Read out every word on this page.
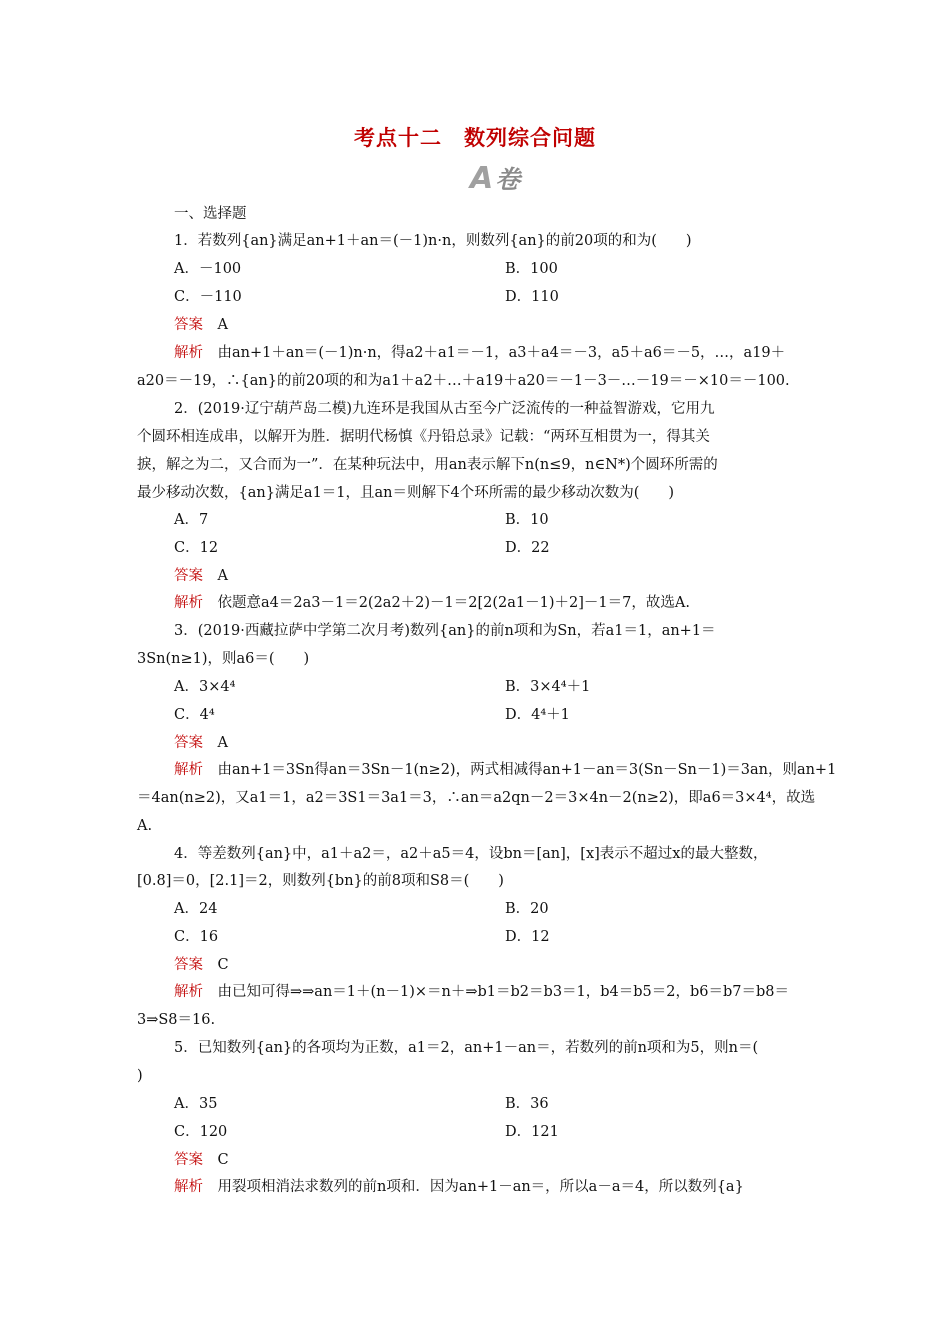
考点十二　数列综合问题
A卷
一、选择题
1．若数列{an}满足an+1＋an＝(－1)n·n，则数列{an}的前20项的和为(　　)
A．－100	B．100
C．－110	D．110
答案　 A
解析　 由an+1＋an＝(－1)n·n，得a2＋a1＝－1，a3＋a4＝－3，a5＋a6＝－5，…，a19＋
a20＝－19，∴{an}的前20项的和为a1＋a2＋…＋a19＋a20＝－1－3－…－19＝－×10＝－100.
2．(2019·辽宁葫芦岛二模)九连环是我国从古至今广泛流传的一种益智游戏，它用九
个圆环相连成串，以解开为胜．据明代杨慎《丹铅总录》记载：“两环互相贯为一，得其关
捩，解之为二，又合而为一”．在某种玩法中，用an表示解下n(n≤9，n∈N*)个圆环所需的
最少移动次数，{an}满足a1＝1，且an＝则解下4个环所需的最少移动次数为(　　)
A．7	B．10
C．12	D．22
答案　 A
解析　 依题意a4＝2a3－1＝2(2a2＋2)－1＝2[2(2a1－1)＋2]－1＝7，故选A.
3．(2019·西藏拉萨中学第二次月考)数列{an}的前n项和为Sn，若a1＝1，an+1＝
3Sn(n≥1)，则a6＝(　　)
A．3×4⁴	B．3×4⁴＋1
C．4⁴	D．4⁴＋1
答案　 A
解析　 由an+1＝3Sn得an＝3Sn－1(n≥2)，两式相减得an+1－an＝3(Sn－Sn－1)＝3an，则an+1
＝4an(n≥2)，又a1＝1，a2＝3S1＝3a1＝3，∴an＝a2qn－2＝3×4n－2(n≥2)，即a6＝3×4⁴，故选
A.
4．等差数列{an}中，a1＋a2＝，a2＋a5＝4，设bn＝[an]，[x]表示不超过x的最大整数，
[0.8]＝0，[2.1]＝2，则数列{bn}的前8项和S8＝(　　)
A．24	B．20
C．16	D．12
答案　 C
解析　 由已知可得⇒⇒an＝1＋(n－1)×＝n＋⇒b1＝b2＝b3＝1，b4＝b5＝2，b6＝b7＝b8＝
3⇒S8＝16.
5．已知数列{an}的各项均为正数，a1＝2，an+1－an＝，若数列的前n项和为5，则n＝(
)
A．35	B．36
C．120	D．121
答案　 C
解析　 用裂项相消法求数列的前n项和．因为an+1－an＝，所以a－a＝4，所以数列{a}
